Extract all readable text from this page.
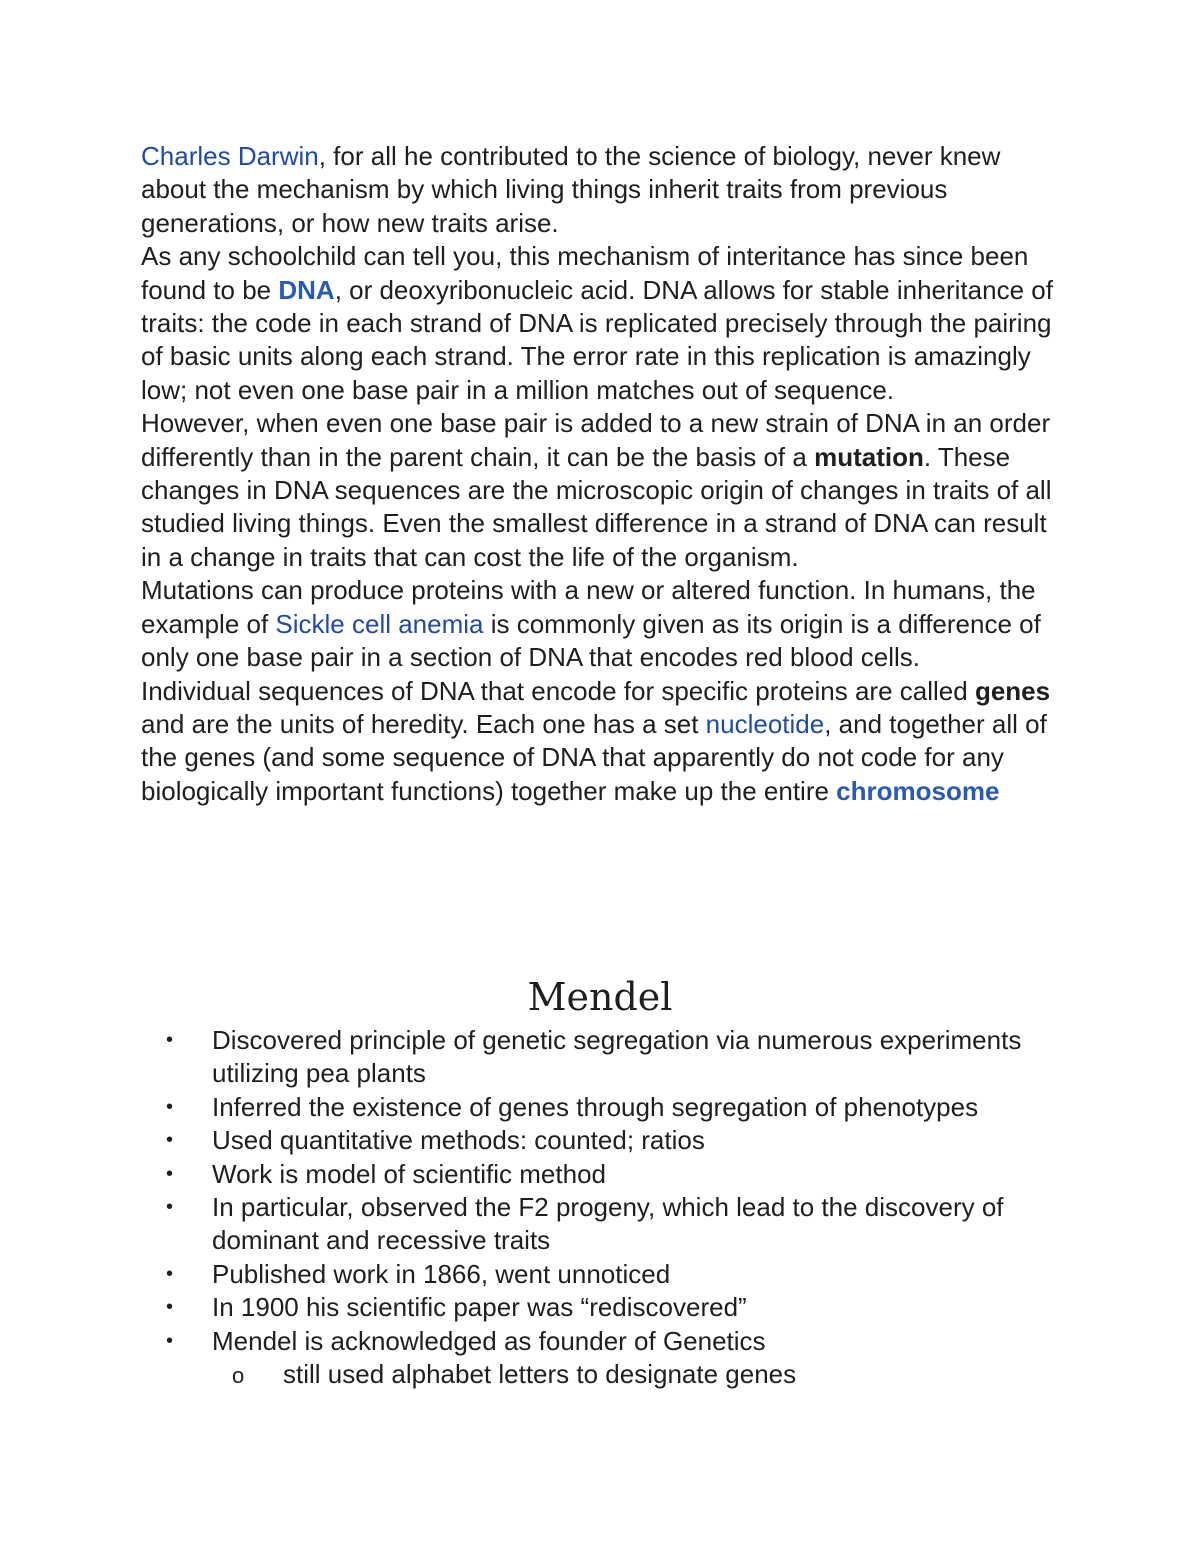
Charles Darwin, for all he contributed to the science of biology, never knew about the mechanism by which living things inherit traits from previous generations, or how new traits arise.

As any schoolchild can tell you, this mechanism of interitance has since been found to be DNA, or deoxyribonucleic acid. DNA allows for stable inheritance of traits: the code in each strand of DNA is replicated precisely through the pairing of basic units along each strand. The error rate in this replication is amazingly low; not even one base pair in a million matches out of sequence.

However, when even one base pair is added to a new strain of DNA in an order differently than in the parent chain, it can be the basis of a mutation. These changes in DNA sequences are the microscopic origin of changes in traits of all studied living things. Even the smallest difference in a strand of DNA can result in a change in traits that can cost the life of the organism.

Mutations can produce proteins with a new or altered function. In humans, the example of Sickle cell anemia is commonly given as its origin is a difference of only one base pair in a section of DNA that encodes red blood cells.

Individual sequences of DNA that encode for specific proteins are called genes and are the units of heredity. Each one has a set nucleotide, and together all of the genes (and some sequence of DNA that apparently do not code for any biologically important functions) together make up the entire chromosome

Mendel
• Discovered principle of genetic segregation via numerous experiments utilizing pea plants
• Inferred the existence of genes through segregation of phenotypes
• Used quantitative methods: counted; ratios
• Work is model of scientific method
• In particular, observed the F2 progeny, which lead to the discovery of dominant and recessive traits
• Published work in 1866, went unnoticed
• In 1900 his scientific paper was “rediscovered”
• Mendel is acknowledged as founder of Genetics
o still used alphabet letters to designate genes
